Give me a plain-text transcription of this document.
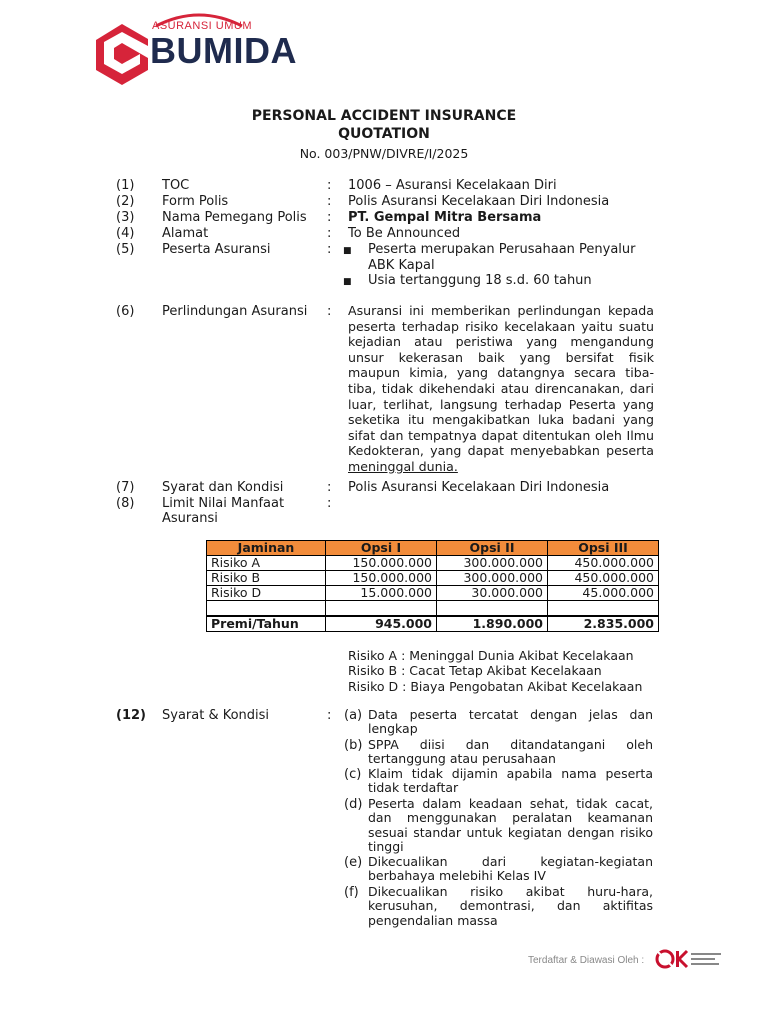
ASURANSI UMUM
BUMIDA
PERSONAL ACCIDENT INSURANCE
QUOTATION
No. 003/PNW/DIVRE/I/2025
(1) TOC	: 1006 – Asuransi Kecelakaan Diri
(2) Form Polis	: Polis Asuransi Kecelakaan Diri Indonesia
(3) Nama Pemegang Polis : PT. Gempal Mitra Bersama
(4) Alamat	: To Be Announced
(5) Peserta Asuransi	: ■ Peserta merupakan Perusahaan Penyalur
ABK Kapal
■ Usia tertanggung 18 s.d. 60 tahun
(6) Perlindungan Asuransi : Asuransi ini memberikan perlindungan kepada peserta terhadap risiko kecelakaan yaitu suatu kejadian atau peristiwa yang mengandung unsur kekerasan baik yang bersifat fisik maupun kimia, yang datangnya secara tiba-tiba, tidak dikehendaki atau direncanakan, dari luar, terlihat, langsung terhadap Peserta yang seketika itu mengakibatkan luka badani yang sifat dan tempatnya dapat ditentukan oleh Ilmu Kedokteran, yang dapat menyebabkan peserta meninggal dunia.
(7) Syarat dan Kondisi	: Polis Asuransi Kecelakaan Diri Indonesia
(8) Limit Nilai Manfaat	:
Asuransi
Jaminan	Opsi I	Opsi II	Opsi III
Risiko A	150.000.000	300.000.000	450.000.000
Risiko B	150.000.000	300.000.000	450.000.000
Risiko D	15.000.000	30.000.000	45.000.000

Premi/Tahun	945.000	1.890.000	2.835.000
Risiko A : Meninggal Dunia Akibat Kecelakaan
Risiko B : Cacat Tetap Akibat Kecelakaan
Risiko D : Biaya Pengobatan Akibat Kecelakaan
(12) Syarat & Kondisi	: (a) Data peserta tercatat dengan jelas dan lengkap
(b) SPPA diisi dan ditandatangani oleh tertanggung atau perusahaan
(c) Klaim tidak dijamin apabila nama peserta tidak terdaftar
(d) Peserta dalam keadaan sehat, tidak cacat, dan menggunakan peralatan keamanan sesuai standar untuk kegiatan dengan risiko tinggi
(e) Dikecualikan dari kegiatan-kegiatan berbahaya melebihi Kelas IV
(f) Dikecualikan risiko akibat huru-hara, kerusuhan, demontrasi, dan aktifitas pengendalian massa
Terdaftar & Diawasi Oleh :
